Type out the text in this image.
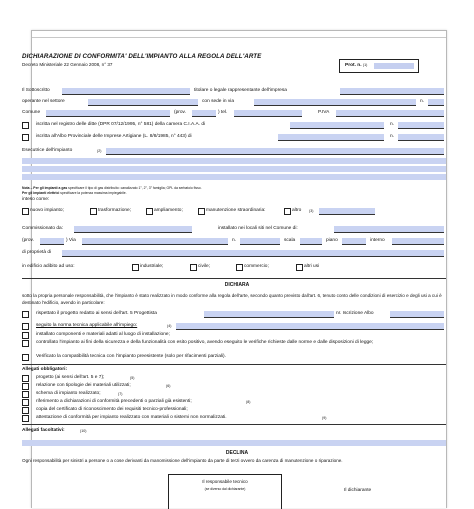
DICHIARAZIONE DI CONFORMITA' DELL'IMPIANTO ALLA REGOLA DELL'ARTE
Decreto Ministeriale 22 Gennaio 2008, n° 37	Prot. n. (1)
Il Sottoscritto	titolare o legale rappresentante dell'impresa
operante nel settore	con sede in via	n.
Comune	(prov.	) tel.	P.IVA
iscritta nel registro delle ditte (DPR 07/12/1995, n° 581) della camera C.I.A.A. di	n.
iscritta all'Albo Provinciale delle Imprese Artigiane (L. 8/8/1985, n° 443) di	n.
Esecutrice dell'impianto	(2)
Nota – Per gli impianti a gas specificare il tipo di gas distribuito: canalizzato 1°, 2°, 3° famiglia; GPL da serbatoio fisso.
Per gli impianti elettrici specificare la potenza massima impiegabile.
inteso come:
nuovo impianto;	trasformazione;	ampliamento;	manutenzione straordinaria:	altro (3)
Commissionato da:	installato nei locali siti nel Comune di:
(prov.	) Via	n.	scala	piano	interno
di proprietà di
in edificio adibito ad uso:	industriale;	civile;	commercio;	altri usi
DICHIARA
sotto la propria personale responsabilità, che l'impianto è stato realizzato in modo conforme alla regola dell'arte, secondo quanto previsto dall'art. 6, tenuto conto delle condizioni di esercizio e degli usi a cui è destinato l'edificio, avendo in particolare:
rispettato il progetto redatto ai sensi dell'art. 5 Progettista	nr. Iscrizione Albo
seguito la norma tecnica applicabile all'impiego:	(4)
installato componenti e materiali adatti al luogo di installazione;
controllato l'impianto ai fini della sicurezza e della funzionalità con esito positivo, avendo eseguito le verifiche richieste dalle norme e dalle disposizioni di legge;
Verificato la compatibilità tecnica con l'impianto preesistente (solo per rifacimenti parziali).
Allegati obbligatori:
progetto (ai sensi dell'art. 5 e 7);	(5)
relazione con tipologie dei materiali utilizzati;	(6)
schema di impianto realizzato;	(7)
riferimento a dichiarazioni di conformità precedenti o parziali già esistenti;	(8)
copia del certificato di riconoscimento dei requisiti tecnico-professionali;
attestazione di conformità per impianto realizzato con materiali o sistemi non normalizzati.	(9)
Allegati facoltativi:	(10)
DECLINA
Ogni responsabilità per sinistri a persone o a cose derivanti da manomissione dell'impianto da parte di terzi ovvero da carenza di manutenzione o riparazione.
Il responsabile tecnico
(se diverso dal dichiarante)	Il dichiarante
